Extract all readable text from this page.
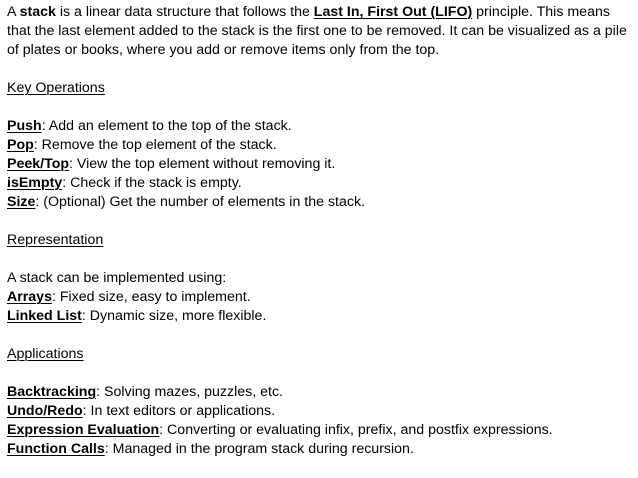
A stack is a linear data structure that follows the Last In, First Out (LIFO) principle. This means that the last element added to the stack is the first one to be removed. It can be visualized as a pile of plates or books, where you add or remove items only from the top.

Key Operations

Push: Add an element to the top of the stack.

Pop: Remove the top element of the stack.

Peek/Top: View the top element without removing it.

isEmpty: Check if the stack is empty.

Size: (Optional) Get the number of elements in the stack.

Representation

A stack can be implemented using:

Arrays: Fixed size, easy to implement.

Linked List: Dynamic size, more flexible.

Applications

Backtracking: Solving mazes, puzzles, etc.

Undo/Redo: In text editors or applications.

Expression Evaluation: Converting or evaluating infix, prefix, and postfix expressions.

Function Calls: Managed in the program stack during recursion.
